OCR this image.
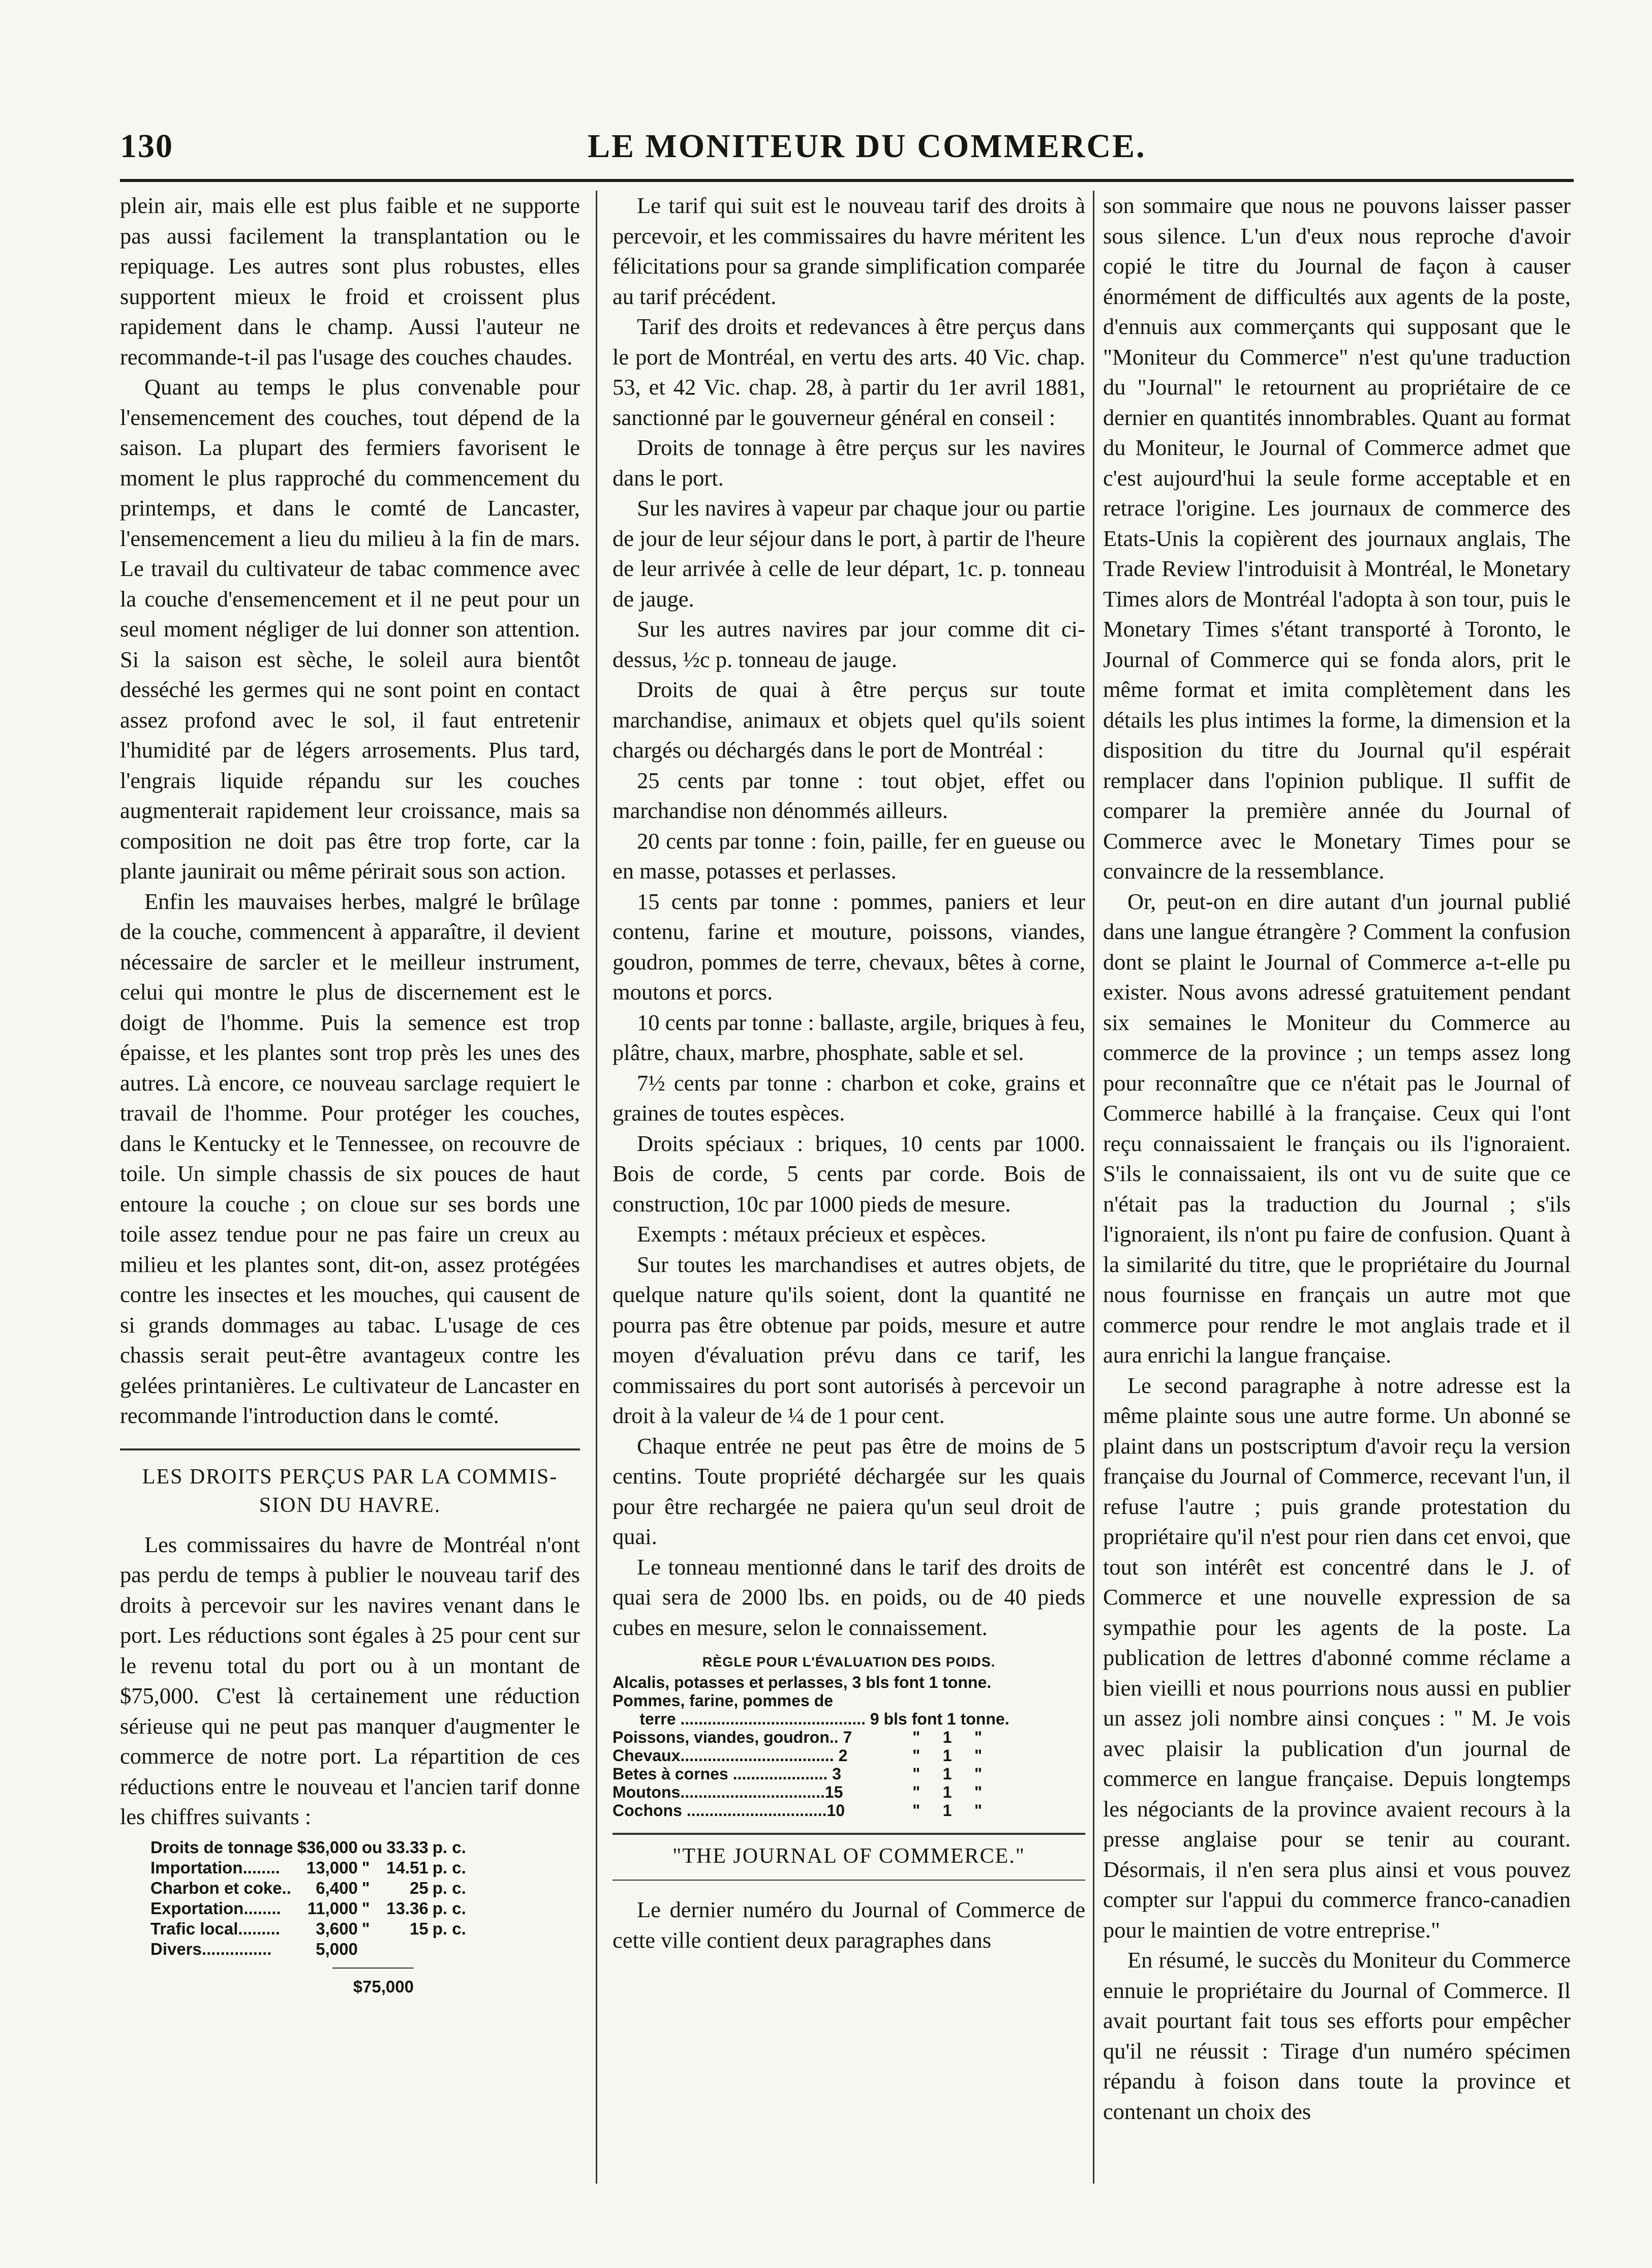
130	LE MONITEUR DU COMMERCE.

plein air, mais elle est plus faible et ne supporte pas aussi facilement la transplantation ou le repiquage. Les autres sont plus robustes, elles supportent mieux le froid et croissent plus rapidement dans le champ. Aussi l'auteur ne recommande-t-il pas l'usage des couches chaudes.

Quant au temps le plus convenable pour l'ensemencement des couches, tout dépend de la saison. La plupart des fermiers favorisent le moment le plus rapproché du commencement du printemps, et dans le comté de Lancaster, l'ensemencement a lieu du milieu à la fin de mars. Le travail du cultivateur de tabac commence avec la couche d'ensemencement et il ne peut pour un seul moment négliger de lui donner son attention. Si la saison est sèche, le soleil aura bientôt desséché les germes qui ne sont point en contact assez profond avec le sol, il faut entretenir l'humidité par de légers arrosements. Plus tard, l'engrais liquide répandu sur les couches augmenterait rapidement leur croissance, mais sa composition ne doit pas être trop forte, car la plante jaunirait ou même périrait sous son action.

Enfin les mauvaises herbes, malgré le brûlage de la couche, commencent à apparaître, il devient nécessaire de sarcler et le meilleur instrument, celui qui montre le plus de discernement est le doigt de l'homme. Puis la semence est trop épaisse, et les plantes sont trop près les unes des autres. Là encore, ce nouveau sarclage requiert le travail de l'homme. Pour protéger les couches, dans le Kentucky et le Tennessee, on recouvre de toile. Un simple chassis de six pouces de haut entoure la couche ; on cloue sur ses bords une toile assez tendue pour ne pas faire un creux au milieu et les plantes sont, dit-on, assez protégées contre les insectes et les mouches, qui causent de si grands dommages au tabac. L'usage de ces chassis serait peut-être avantageux contre les gelées printanières. Le cultivateur de Lancaster en recommande l'introduction dans le comté.

LES DROITS PERÇUS PAR LA COMMIS-
SION DU HAVRE.

Les commissaires du havre de Montréal n'ont pas perdu de temps à publier le nouveau tarif des droits à percevoir sur les navires venant dans le port. Les réductions sont égales à 25 pour cent sur le revenu total du port ou à un montant de $75,000. C'est là certainement une réduction sérieuse qui ne peut pas manquer d'augmenter le commerce de notre port. La répartition de ces réductions entre le nouveau et l'ancien tarif donne les chiffres suivants :

Droits de tonnage	$36,000	ou	33.33	p. c.
Importation........	13,000	"	14.51	p. c.
Charbon et coke..	6,400	"	25	p. c.
Exportation........	11,000	"	13.36	p. c.
Trafic local.........	3,600	"	15	p. c.
Divers...............	5,000			
$75,000

Le tarif qui suit est le nouveau tarif des droits à percevoir, et les commissaires du havre méritent les félicitations pour sa grande simplification comparée au tarif précédent.

Tarif des droits et redevances à être perçus dans le port de Montréal, en vertu des arts. 40 Vic. chap. 53, et 42 Vic. chap. 28, à partir du 1er avril 1881, sanctionné par le gouverneur général en conseil :

Droits de tonnage à être perçus sur les navires dans le port.

Sur les navires à vapeur par chaque jour ou partie de jour de leur séjour dans le port, à partir de l'heure de leur arrivée à celle de leur départ, 1c. p. tonneau de jauge.

Sur les autres navires par jour comme dit ci-dessus, ½c p. tonneau de jauge.

Droits de quai à être perçus sur toute marchandise, animaux et objets quel qu'ils soient chargés ou déchargés dans le port de Montréal :

25 cents par tonne : tout objet, effet ou marchandise non dénommés ailleurs.

20 cents par tonne : foin, paille, fer en gueuse ou en masse, potasses et perlasses.

15 cents par tonne : pommes, paniers et leur contenu, farine et mouture, poissons, viandes, goudron, pommes de terre, chevaux, bêtes à corne, moutons et porcs.

10 cents par tonne : ballaste, argile, briques à feu, plâtre, chaux, marbre, phosphate, sable et sel.

7½ cents par tonne : charbon et coke, grains et graines de toutes espèces.

Droits spéciaux : briques, 10 cents par 1000. Bois de corde, 5 cents par corde. Bois de construction, 10c par 1000 pieds de mesure.

Exempts : métaux précieux et espèces.

Sur toutes les marchandises et autres objets, de quelque nature qu'ils soient, dont la quantité ne pourra pas être obtenue par poids, mesure et autre moyen d'évaluation prévu dans ce tarif, les commissaires du port sont autorisés à percevoir un droit à la valeur de ¼ de 1 pour cent.

Chaque entrée ne peut pas être de moins de 5 centins. Toute propriété déchargée sur les quais pour être rechargée ne paiera qu'un seul droit de quai.

Le tonneau mentionné dans le tarif des droits de quai sera de 2000 lbs. en poids, ou de 40 pieds cubes en mesure, selon le connaissement.

RÈGLE POUR L'ÉVALUATION DES POIDS.
Alcalis, potasses et perlasses, 3 bls font 1 tonne.
Pommes, farine, pommes de
terre ......................................... 9 bls font 1 tonne.
Poissons, viandes, goudron.. 7	"     1     "
Chevaux.................................. 2	"     1     "
Betes à cornes ..................... 3	"     1     "
Moutons................................15	"     1     "
Cochons ...............................10	"     1     "
"THE JOURNAL OF COMMERCE."

Le dernier numéro du Journal of Commerce de cette ville contient deux paragraphes dans

son sommaire que nous ne pouvons laisser passer sous silence. L'un d'eux nous reproche d'avoir copié le titre du Journal de façon à causer énormément de difficultés aux agents de la poste, d'ennuis aux commerçants qui supposant que le "Moniteur du Commerce" n'est qu'une traduction du "Journal" le retournent au propriétaire de ce dernier en quantités innombrables. Quant au format du Moniteur, le Journal of Commerce admet que c'est aujourd'hui la seule forme acceptable et en retrace l'origine. Les journaux de commerce des Etats-Unis la copièrent des journaux anglais, The Trade Review l'introduisit à Montréal, le Monetary Times alors de Montréal l'adopta à son tour, puis le Monetary Times s'étant transporté à Toronto, le Journal of Commerce qui se fonda alors, prit le même format et imita complètement dans les détails les plus intimes la forme, la dimension et la disposition du titre du Journal qu'il espérait remplacer dans l'opinion publique. Il suffit de comparer la première année du Journal of Commerce avec le Monetary Times pour se convaincre de la ressemblance.

Or, peut-on en dire autant d'un journal publié dans une langue étrangère ? Comment la confusion dont se plaint le Journal of Commerce a-t-elle pu exister. Nous avons adressé gratuitement pendant six semaines le Moniteur du Commerce au commerce de la province ; un temps assez long pour reconnaître que ce n'était pas le Journal of Commerce habillé à la française. Ceux qui l'ont reçu connaissaient le français ou ils l'ignoraient. S'ils le connaissaient, ils ont vu de suite que ce n'était pas la traduction du Journal ; s'ils l'ignoraient, ils n'ont pu faire de confusion. Quant à la similarité du titre, que le propriétaire du Journal nous fournisse en français un autre mot que commerce pour rendre le mot anglais trade et il aura enrichi la langue française.

Le second paragraphe à notre adresse est la même plainte sous une autre forme. Un abonné se plaint dans un postscriptum d'avoir reçu la version française du Journal of Commerce, recevant l'un, il refuse l'autre ; puis grande protestation du propriétaire qu'il n'est pour rien dans cet envoi, que tout son intérêt est concentré dans le J. of Commerce et une nouvelle expression de sa sympathie pour les agents de la poste. La publication de lettres d'abonné comme réclame a bien vieilli et nous pourrions nous aussi en publier un assez joli nombre ainsi conçues : " M. Je vois avec plaisir la publication d'un journal de commerce en langue française. Depuis longtemps les négociants de la province avaient recours à la presse anglaise pour se tenir au courant. Désormais, il n'en sera plus ainsi et vous pouvez compter sur l'appui du commerce franco-canadien pour le maintien de votre entreprise."

En résumé, le succès du Moniteur du Commerce ennuie le propriétaire du Journal of Commerce. Il avait pourtant fait tous ses efforts pour empêcher qu'il ne réussit : Tirage d'un numéro spécimen répandu à foison dans toute la province et contenant un choix des
